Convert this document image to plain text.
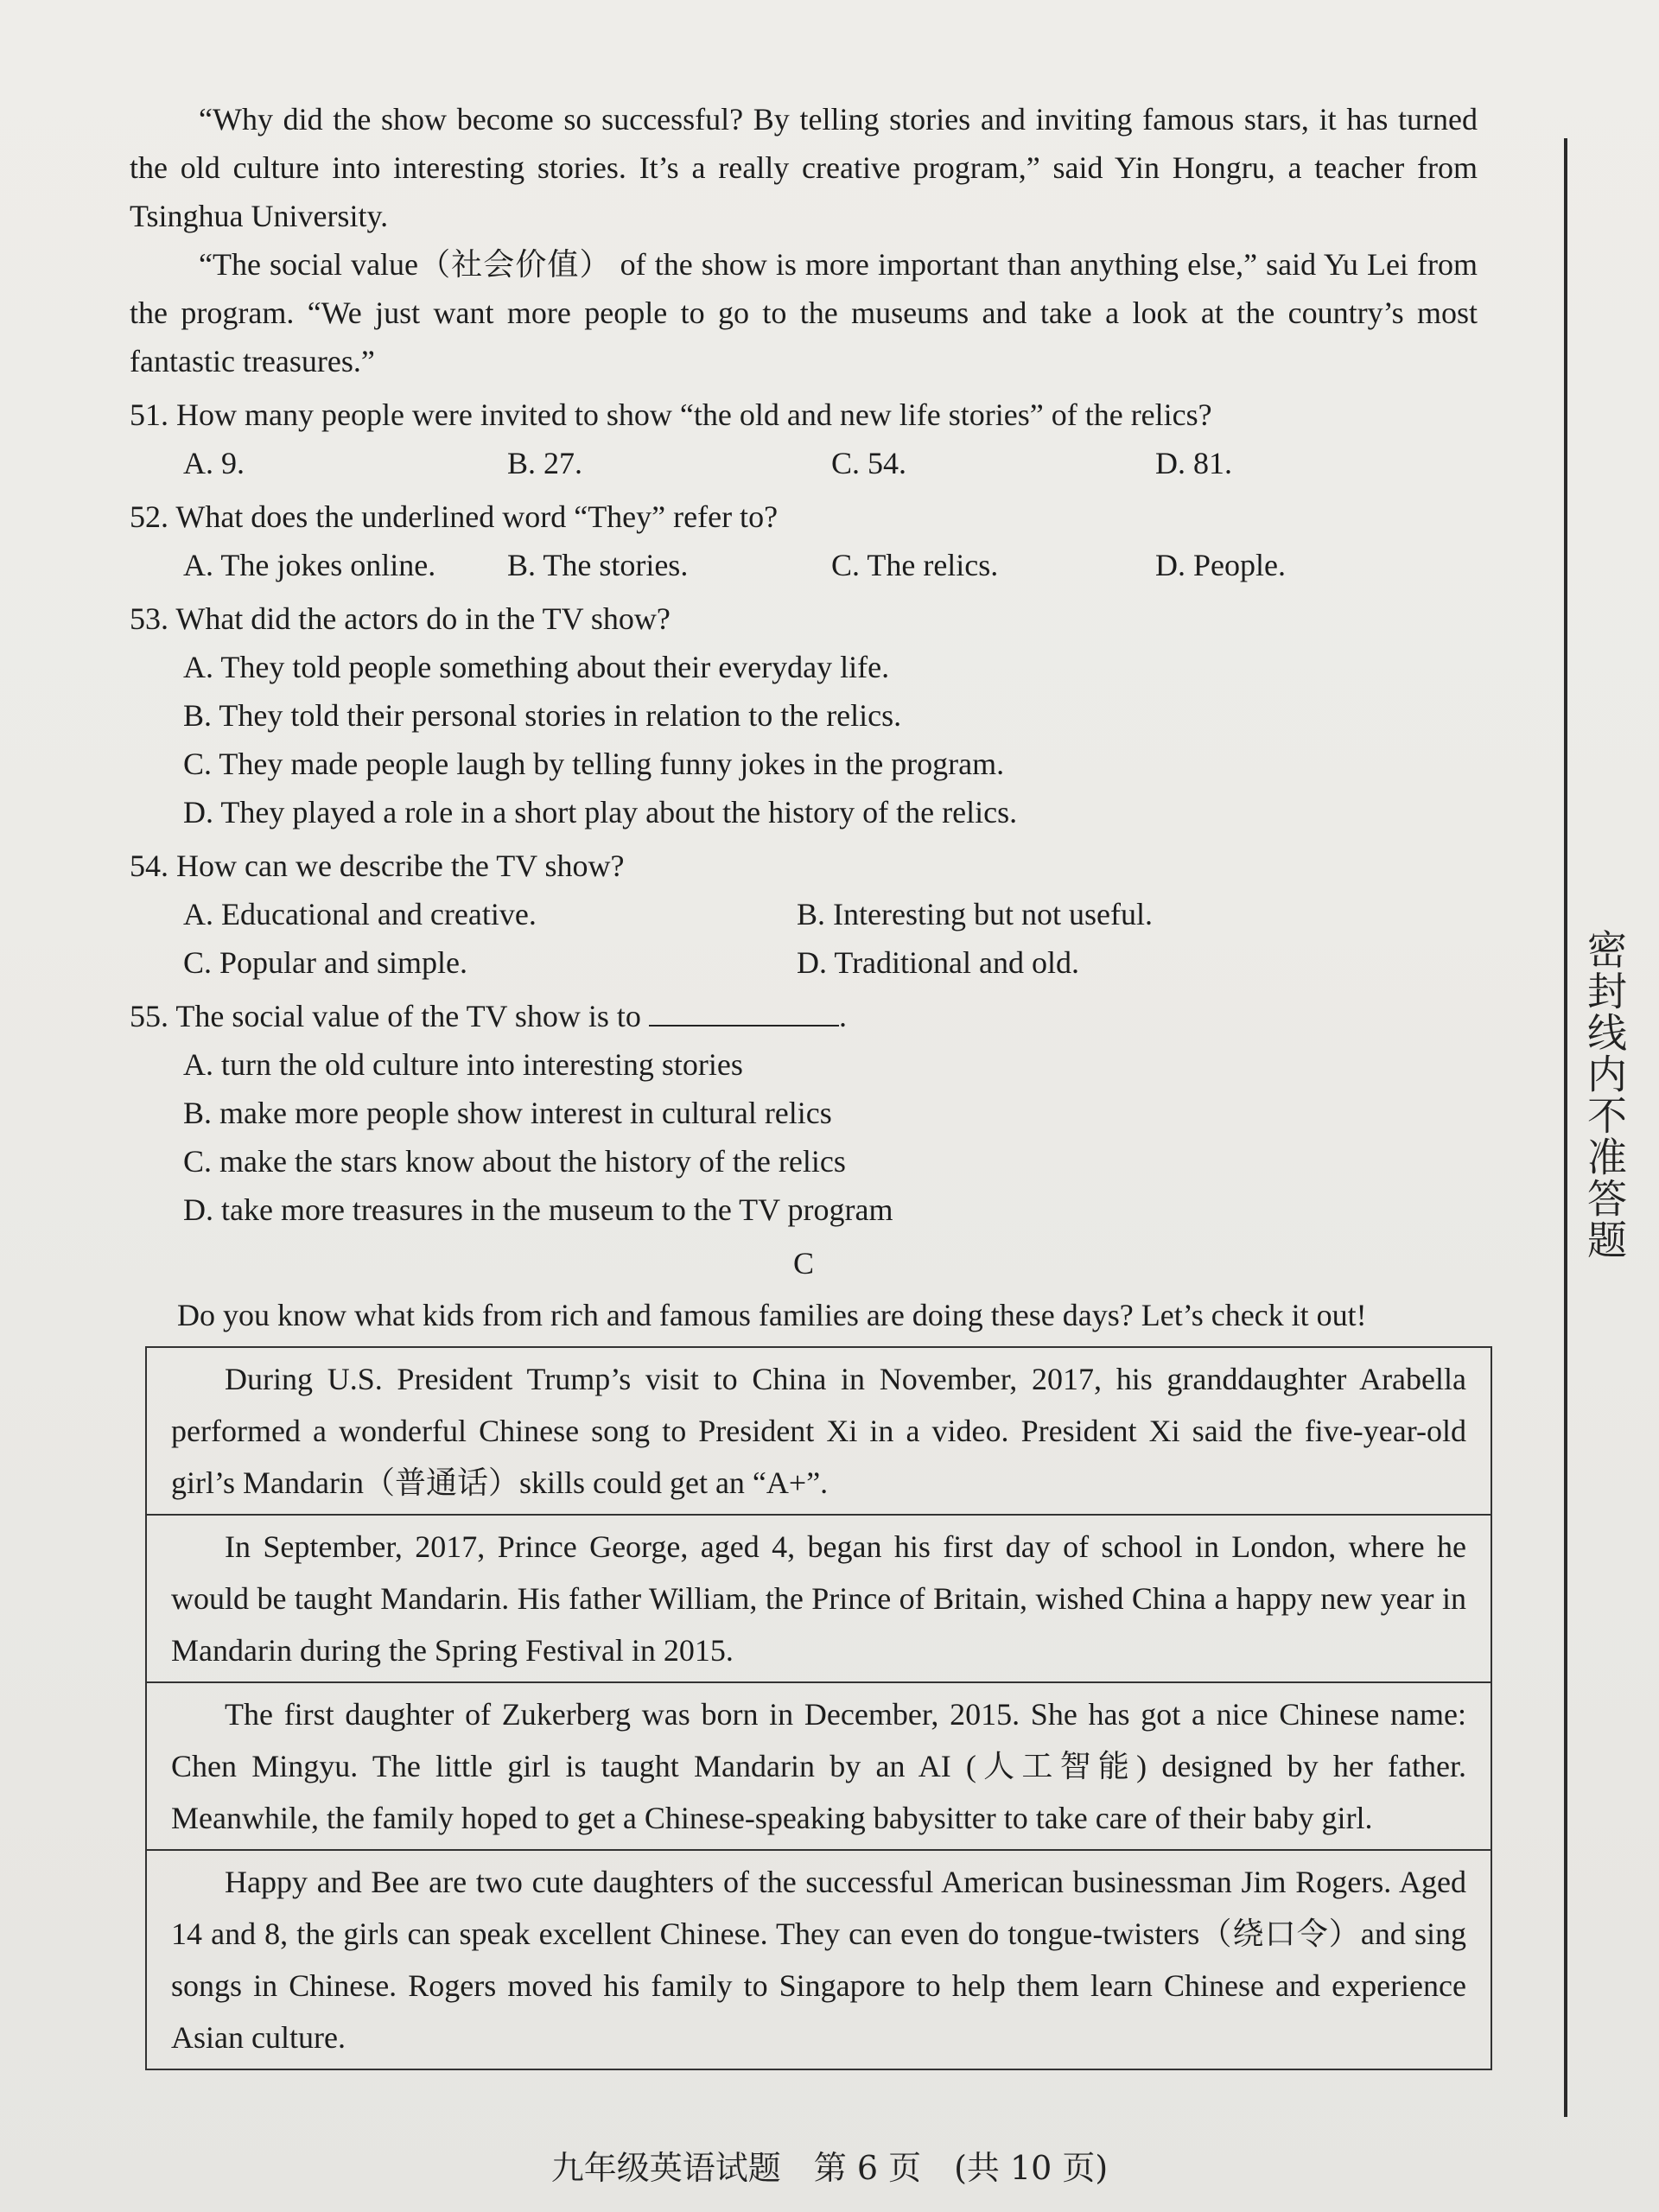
“Why did the show become so successful? By telling stories and inviting famous stars, it has turned the old culture into interesting stories. It’s a really creative program,” said Yin Hongru, a teacher from Tsinghua University.

“The social value（社会价值） of the show is more important than anything else,” said Yu Lei from the program. “We just want more people to go to the museums and take a look at the country’s most fantastic treasures.”

51. How many people were invited to show “the old and new life stories” of the relics?
A. 9.	B. 27.	C. 54.	D. 81.
52. What does the underlined word “They” refer to?
A. The jokes online.	B. The stories.	C. The relics.	D. People.
53. What did the actors do in the TV show?
A. They told people something about their everyday life.
B. They told their personal stories in relation to the relics.
C. They made people laugh by telling funny jokes in the program.
D. They played a role in a short play about the history of the relics.
54. How can we describe the TV show?
A. Educational and creative.	B. Interesting but not useful.
C. Popular and simple.	D. Traditional and old.
55. The social value of the TV show is to	.
A. turn the old culture into interesting stories
B. make more people show interest in cultural relics
C. make the stars know about the history of the relics
D. take more treasures in the museum to the TV program
C
Do you know what kids from rich and famous families are doing these days? Let’s check it out!

During U.S. President Trump’s visit to China in November, 2017, his granddaughter Arabella performed a wonderful Chinese song to President Xi in a video. President Xi said the five-year-old girl’s Mandarin（普通话）skills could get an “A+”.

In September, 2017, Prince George, aged 4, began his first day of school in London, where he would be taught Mandarin. His father William, the Prince of Britain, wished China a happy new year in Mandarin during the Spring Festival in 2015.

The first daughter of Zukerberg was born in December, 2015. She has got a nice Chinese name: Chen Mingyu. The little girl is taught Mandarin by an AI (人工智能) designed by her father. Meanwhile, the family hoped to get a Chinese-speaking babysitter to take care of their baby girl.

Happy and Bee are two cute daughters of the successful American businessman Jim Rogers. Aged 14 and 8, the girls can speak excellent Chinese. They can even do tongue-twisters（绕口令）and sing songs in Chinese. Rogers moved his family to Singapore to help them learn Chinese and experience Asian culture.

密封线内不准答题
九年级英语试题　第 6 页　(共 10 页)
